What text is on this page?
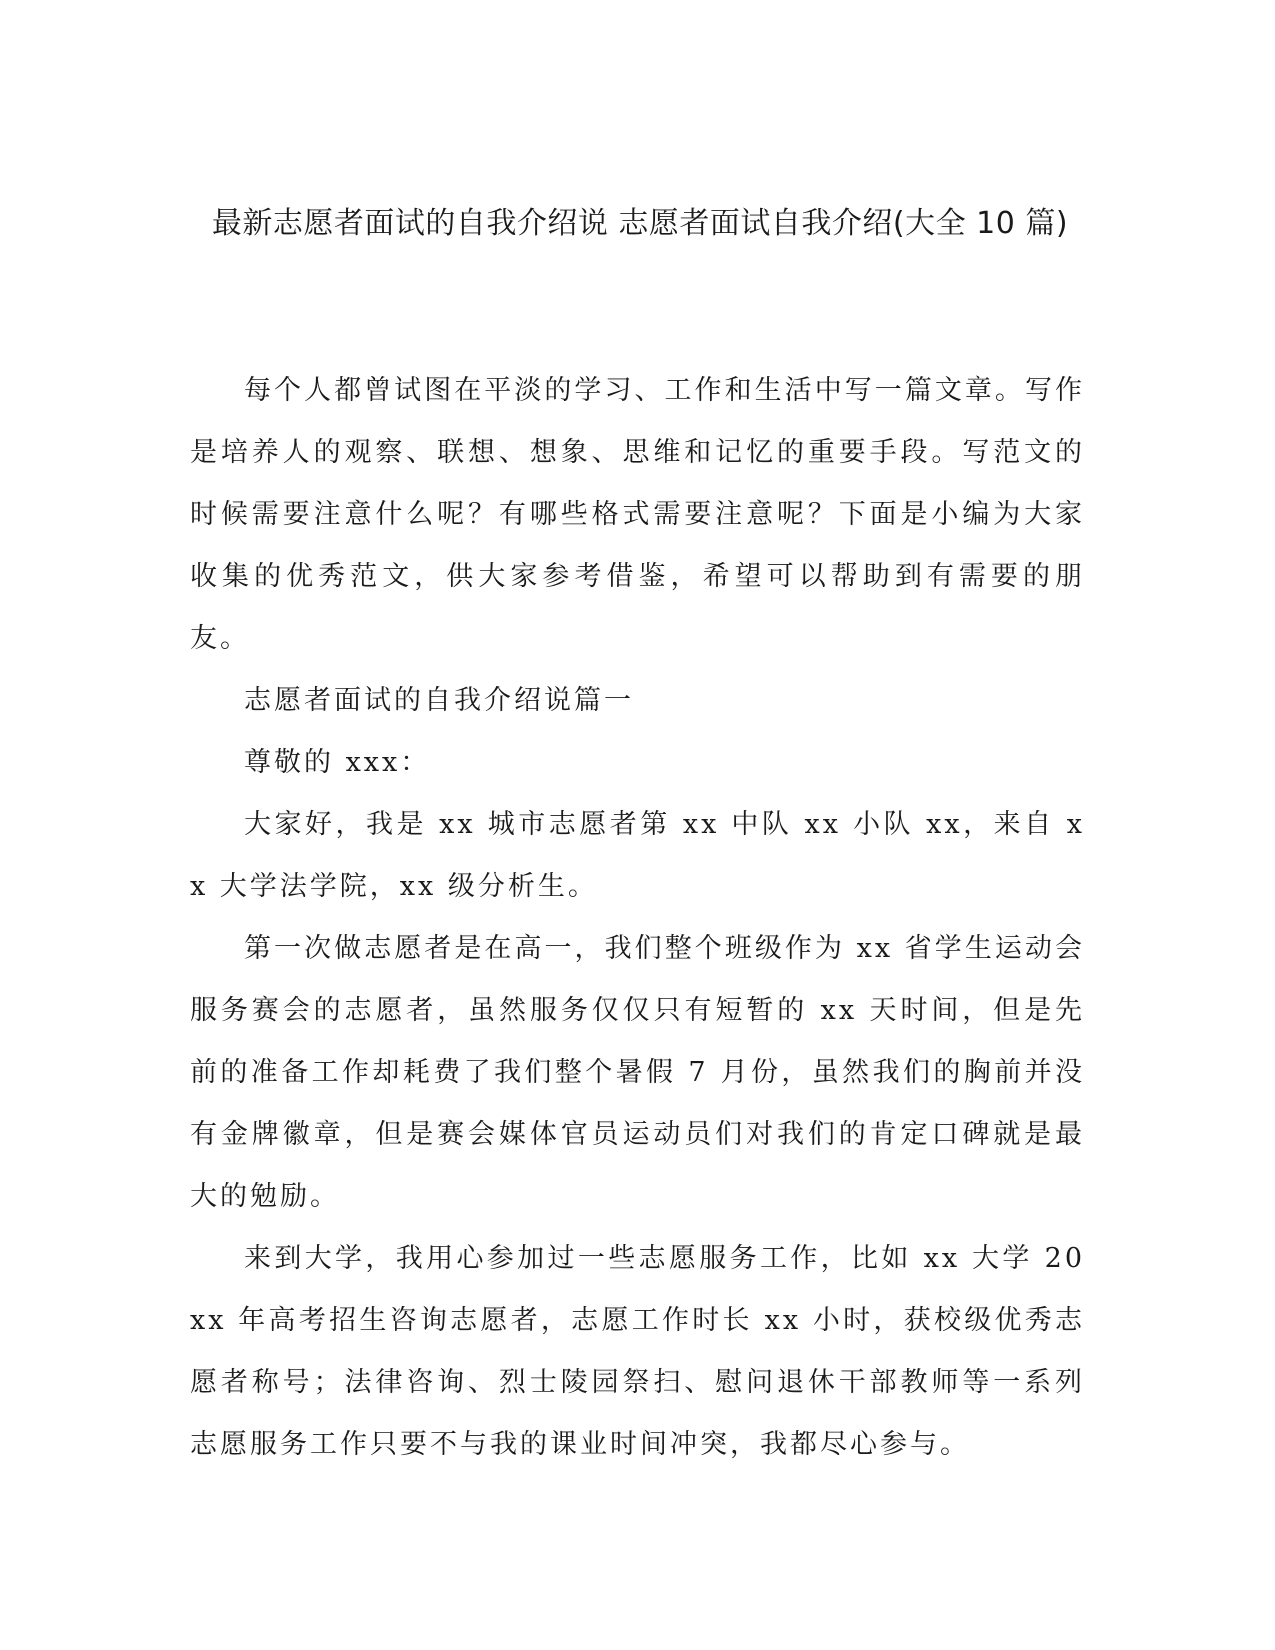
最新志愿者面试的自我介绍说 志愿者面试自我介绍(大全 10 篇)

每个人都曾试图在平淡的学习、工作和生活中写一篇文章。写作是培养人的观察、联想、想象、思维和记忆的重要手段。写范文的时候需要注意什么呢？有哪些格式需要注意呢？下面是小编为大家收集的优秀范文，供大家参考借鉴，希望可以帮助到有需要的朋友。

志愿者面试的自我介绍说篇一

尊敬的 xxx：

大家好，我是 xx 城市志愿者第 xx 中队 xx 小队 xx，来自 xx 大学法学院，xx 级分析生。

第一次做志愿者是在高一，我们整个班级作为 xx 省学生运动会服务赛会的志愿者，虽然服务仅仅只有短暂的 xx 天时间，但是先前的准备工作却耗费了我们整个暑假 7 月份，虽然我们的胸前并没有金牌徽章，但是赛会媒体官员运动员们对我们的肯定口碑就是最大的勉励。

来到大学，我用心参加过一些志愿服务工作，比如 xx 大学 20xx 年高考招生咨询志愿者，志愿工作时长 xx 小时，获校级优秀志愿者称号；法律咨询、烈士陵园祭扫、慰问退休干部教师等一系列志愿服务工作只要不与我的课业时间冲突，我都尽心参与。
